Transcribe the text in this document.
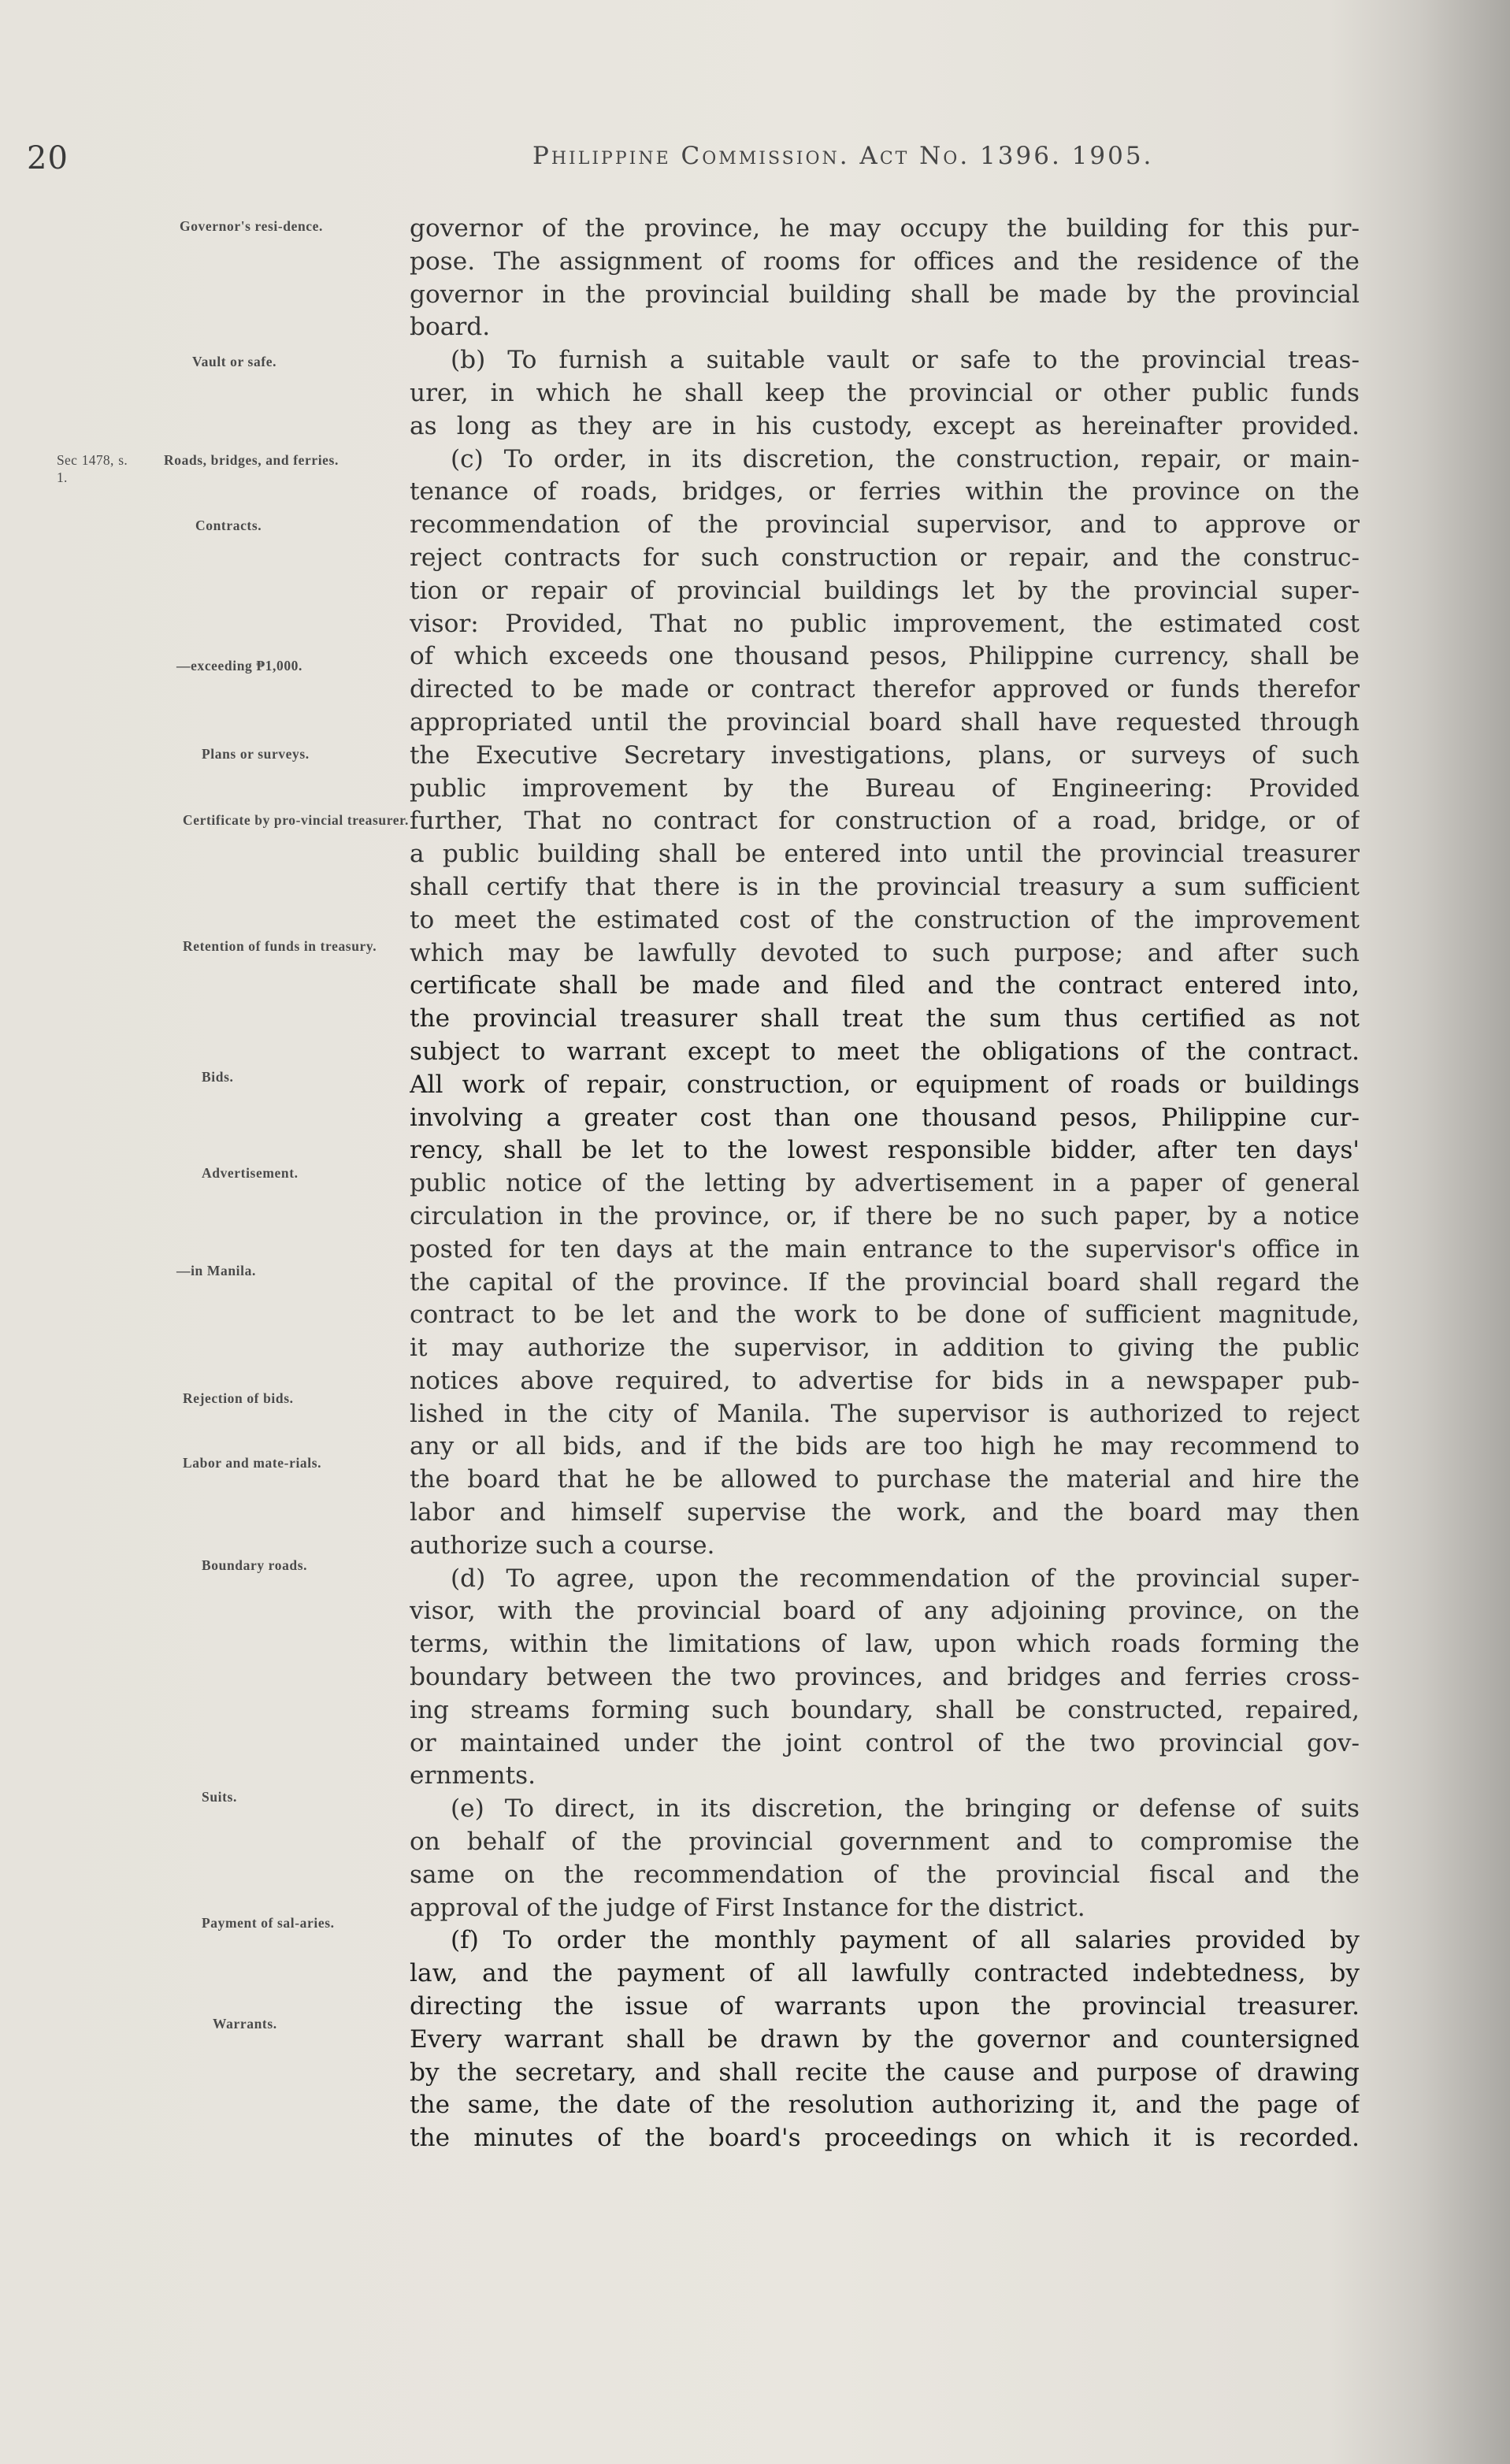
20	Philippine Commission. Act No. 1396. 1905.
Governor's resi-dence.
Vault or safe.
Sec 1478, s. 1.
Roads, bridges, and ferries.
Contracts.
—exceeding ₱1,000.
Plans or surveys.
Certificate by pro-vincial treasurer.
Retention of funds in treasury.
Bids.
Advertisement.
—in Manila.
Rejection of bids.
Labor and mate-rials.
Boundary roads.
Suits.
Payment of sal-aries.
Warrants.
governor of the province, he may occupy the building for this pur-
pose. The assignment of rooms for offices and the residence of the
governor in the provincial building shall be made by the provincial
board.
(b) To furnish a suitable vault or safe to the provincial treas-
urer, in which he shall keep the provincial or other public funds
as long as they are in his custody, except as hereinafter provided.
(c) To order, in its discretion, the construction, repair, or main-
tenance of roads, bridges, or ferries within the province on the
recommendation of the provincial supervisor, and to approve or
reject contracts for such construction or repair, and the construc-
tion or repair of provincial buildings let by the provincial super-
visor: Provided, That no public improvement, the estimated cost
of which exceeds one thousand pesos, Philippine currency, shall be
directed to be made or contract therefor approved or funds therefor
appropriated until the provincial board shall have requested through
the Executive Secretary investigations, plans, or surveys of such
public improvement by the Bureau of Engineering: Provided
further, That no contract for construction of a road, bridge, or of
a public building shall be entered into until the provincial treasurer
shall certify that there is in the provincial treasury a sum sufficient
to meet the estimated cost of the construction of the improvement
which may be lawfully devoted to such purpose; and after such
certificate shall be made and filed and the contract entered into,
the provincial treasurer shall treat the sum thus certified as not
subject to warrant except to meet the obligations of the contract.
All work of repair, construction, or equipment of roads or buildings
involving a greater cost than one thousand pesos, Philippine cur-
rency, shall be let to the lowest responsible bidder, after ten days'
public notice of the letting by advertisement in a paper of general
circulation in the province, or, if there be no such paper, by a notice
posted for ten days at the main entrance to the supervisor's office in
the capital of the province. If the provincial board shall regard the
contract to be let and the work to be done of sufficient magnitude,
it may authorize the supervisor, in addition to giving the public
notices above required, to advertise for bids in a newspaper pub-
lished in the city of Manila. The supervisor is authorized to reject
any or all bids, and if the bids are too high he may recommend to
the board that he be allowed to purchase the material and hire the
labor and himself supervise the work, and the board may then
authorize such a course.
(d) To agree, upon the recommendation of the provincial super-
visor, with the provincial board of any adjoining province, on the
terms, within the limitations of law, upon which roads forming the
boundary between the two provinces, and bridges and ferries cross-
ing streams forming such boundary, shall be constructed, repaired,
or maintained under the joint control of the two provincial gov-
ernments.
(e) To direct, in its discretion, the bringing or defense of suits
on behalf of the provincial government and to compromise the
same on the recommendation of the provincial fiscal and the
approval of the judge of First Instance for the district.
(f) To order the monthly payment of all salaries provided by
law, and the payment of all lawfully contracted indebtedness, by
directing the issue of warrants upon the provincial treasurer.
Every warrant shall be drawn by the governor and countersigned
by the secretary, and shall recite the cause and purpose of drawing
the same, the date of the resolution authorizing it, and the page of
the minutes of the board's proceedings on which it is recorded.
